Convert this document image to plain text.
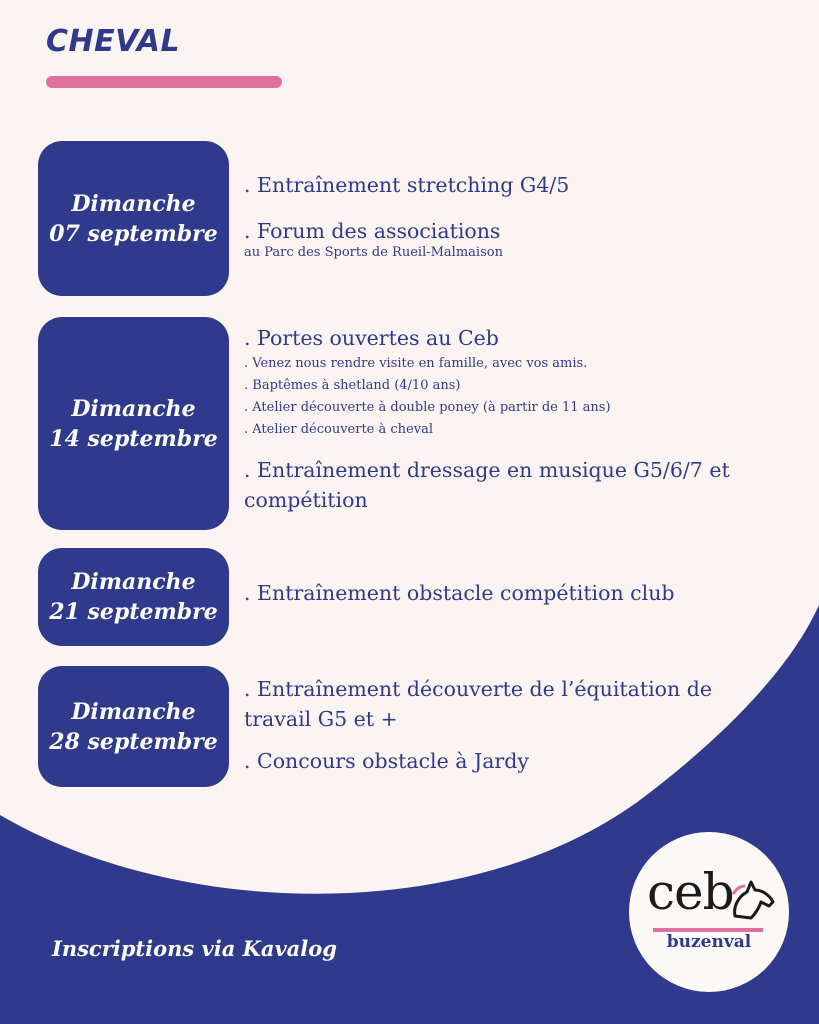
CHEVAL
Dimanche
07 septembre
. Entraînement stretching G4/5
. Forum des associations
au Parc des Sports de Rueil-Malmaison
Dimanche
14 septembre
. Portes ouvertes au Ceb
. Venez nous rendre visite en famille, avec vos amis.
. Baptêmes à shetland (4/10 ans)
. Atelier découverte à double poney (à partir de 11 ans)
. Atelier découverte à cheval
. Entraînement dressage en musique G5/6/7 et compétition
Dimanche
21 septembre
. Entraînement obstacle compétition club
Dimanche
28 septembre
. Entraînement découverte de l’équitation de travail G5 et +
. Concours obstacle à Jardy
Inscriptions via Kavalog
ceb
buzenval
